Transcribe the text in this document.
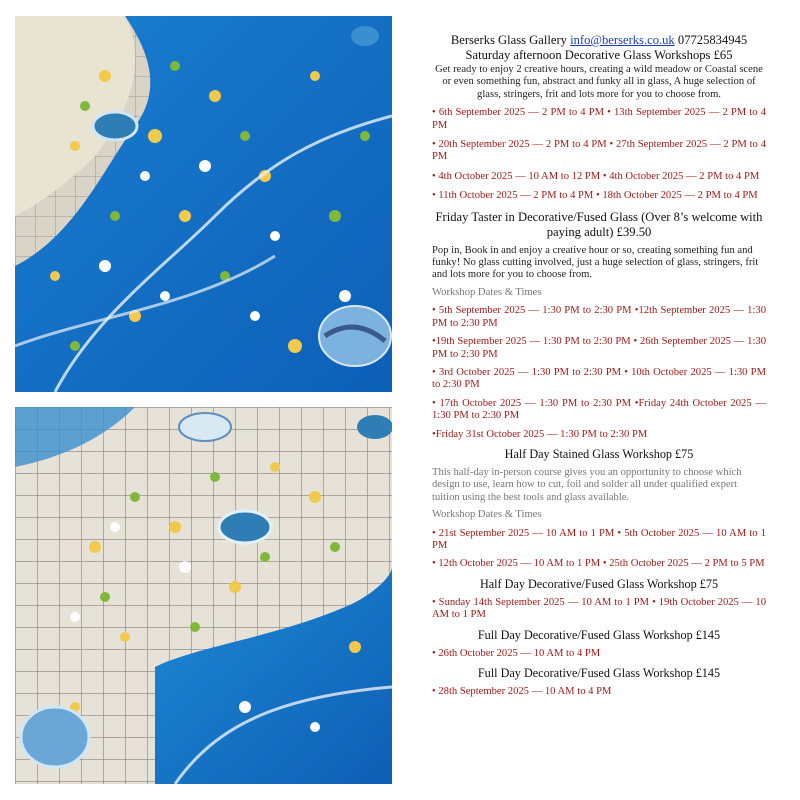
Berserks Glass Gallery info@berserks.co.uk 07725834945
Saturday afternoon Decorative Glass Workshops £65
Get ready to enjoy 2 creative hours, creating a wild meadow or Coastal scene or even something fun, abstract and funky all in glass, A huge selection of glass, stringers, frit and lots more for you to choose from.
• 6th September 2025 — 2 PM to 4 PM • 13th September 2025 — 2 PM to 4 PM
• 20th September 2025 — 2 PM to 4 PM • 27th September 2025 — 2 PM to 4 PM
• 4th October 2025 — 10 AM to 12 PM • 4th October 2025 — 2 PM to 4 PM
• 11th October 2025 — 2 PM to 4 PM • 18th October 2025 — 2 PM to 4 PM
Friday Taster in Decorative/Fused Glass (Over 8’s welcome with paying adult) £39.50
Pop in, Book in and enjoy a creative hour or so, creating something fun and funky! No glass cutting involved, just a huge selection of glass, stringers, frit and lots more for you to choose from.
Workshop Dates & Times
• 5th September 2025 — 1:30 PM to 2:30 PM •12th September 2025 — 1:30 PM to 2:30 PM
•19th September 2025 — 1:30 PM to 2:30 PM • 26th September 2025 — 1:30 PM to 2:30 PM
• 3rd October 2025 — 1:30 PM to 2:30 PM • 10th October 2025 — 1:30 PM to 2:30 PM
• 17th October 2025 — 1:30 PM to 2:30 PM •Friday 24th October 2025 — 1:30 PM to 2:30 PM
•Friday 31st October 2025 — 1:30 PM to 2:30 PM
Half Day Stained Glass Workshop £75
This half-day in-person course gives you an opportunity to choose which design to use, learn how to cut, foil and solder all under qualified expert tuition using the best tools and glass available.
Workshop Dates & Times
• 21st September 2025 — 10 AM to 1 PM • 5th October 2025 — 10 AM to 1 PM
• 12th October 2025 — 10 AM to 1 PM • 25th October 2025 — 2 PM to 5 PM
Half Day Decorative/Fused Glass Workshop £75
• Sunday 14th September 2025 — 10 AM to 1 PM • 19th October 2025 — 10 AM to 1 PM
Full Day Decorative/Fused Glass Workshop £145
• 26th October 2025 — 10 AM to 4 PM
Full Day Decorative/Fused Glass Workshop £145
• 28th September 2025 — 10 AM to 4 PM
